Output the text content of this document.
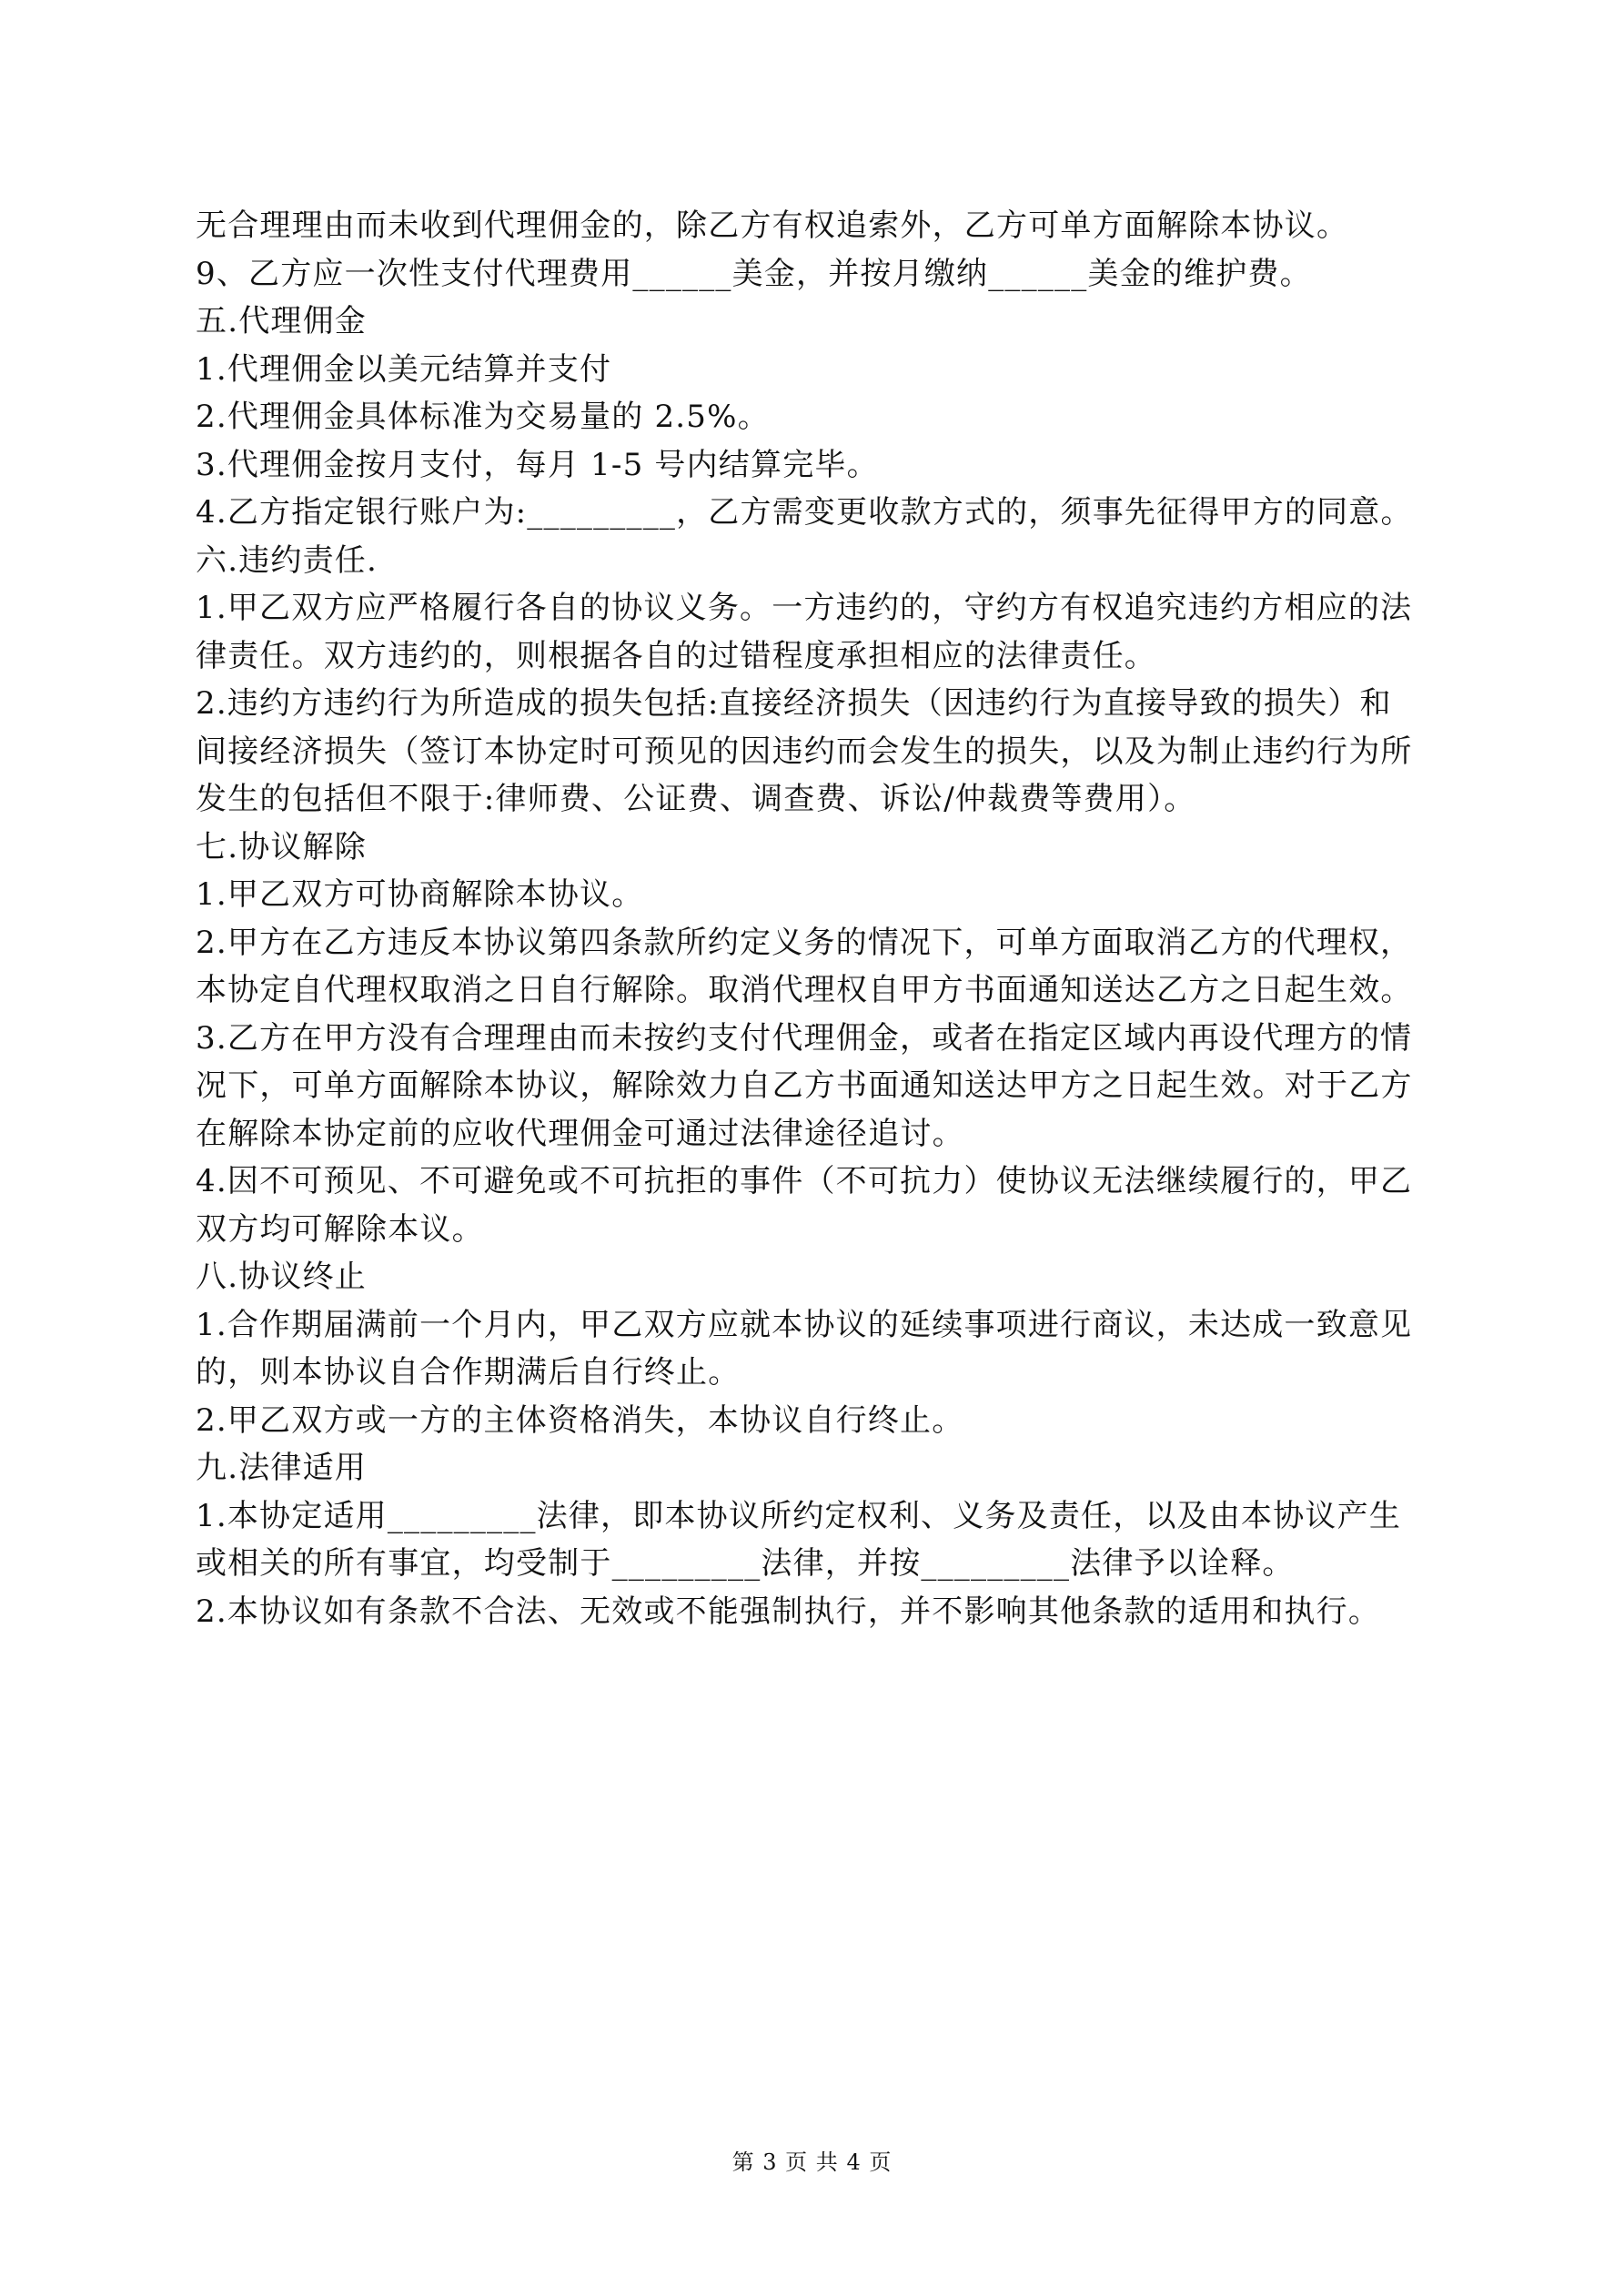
无合理理由而未收到代理佣金的，除乙方有权追索外，乙方可单方面解除本协议。
9、乙方应一次性支付代理费用______美金，并按月缴纳______美金的维护费。
五.代理佣金
1.代理佣金以美元结算并支付
2.代理佣金具体标准为交易量的 2.5%。
3.代理佣金按月支付，每月 1-5 号内结算完毕。
4.乙方指定银行账户为:_________，乙方需变更收款方式的，须事先征得甲方的同意。
六.违约责任.
1.甲乙双方应严格履行各自的协议义务。一方违约的，守约方有权追究违约方相应的法
律责任。双方违约的，则根据各自的过错程度承担相应的法律责任。
2.违约方违约行为所造成的损失包括:直接经济损失（因违约行为直接导致的损失）和
间接经济损失（签订本协定时可预见的因违约而会发生的损失，以及为制止违约行为所
发生的包括但不限于:律师费、公证费、调查费、诉讼/仲裁费等费用）。
七.协议解除
1.甲乙双方可协商解除本协议。
2.甲方在乙方违反本协议第四条款所约定义务的情况下，可单方面取消乙方的代理权，
本协定自代理权取消之日自行解除。取消代理权自甲方书面通知送达乙方之日起生效。
3.乙方在甲方没有合理理由而未按约支付代理佣金，或者在指定区域内再设代理方的情
况下，可单方面解除本协议，解除效力自乙方书面通知送达甲方之日起生效。对于乙方
在解除本协定前的应收代理佣金可通过法律途径追讨。
4.因不可预见、不可避免或不可抗拒的事件（不可抗力）使协议无法继续履行的，甲乙
双方均可解除本议。
八.协议终止
1.合作期届满前一个月内，甲乙双方应就本协议的延续事项进行商议，未达成一致意见
的，则本协议自合作期满后自行终止。
2.甲乙双方或一方的主体资格消失，本协议自行终止。
九.法律适用
1.本协定适用_________法律，即本协议所约定权利、义务及责任，以及由本协议产生
或相关的所有事宜，均受制于_________法律，并按_________法律予以诠释。
2.本协议如有条款不合法、无效或不能强制执行，并不影响其他条款的适用和执行。
第 3 页 共 4 页
